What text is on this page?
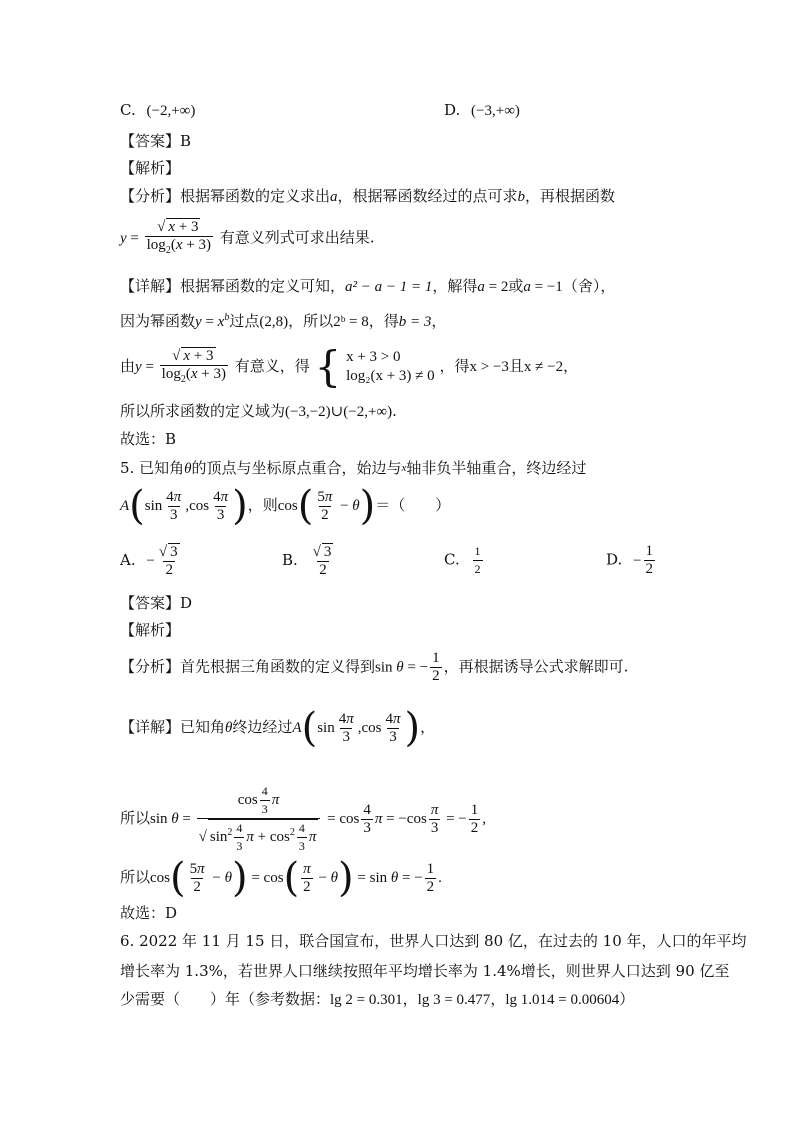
C. (−2,+∞)	D. (−3,+∞)
【答案】B
【解析】
【分析】根据幂函数的定义求出a，根据幂函数经过的点可求b，再根据函数
$y = \frac{√ x + 3}{\log_2(x + 3)}$ 有意义列式可求出结果.
【详解】根据幂函数的定义可知，a² − a − 1 = 1，解得a = 2或a = −1（舍），
因为幂函数$y = x^b$过点(2,8)，所以2ᵇ = 8，得b = 3，
由$y = \frac{√ x + 3}{\log_2(x + 3)}$ 有意义，得 { x + 3 > 0
log₂(x + 3) ≠ 0
，得x > −3且x ≠ −2，
所以所求函数的定义域为(−3,−2)∪(−2,+∞).
故选：B
5. 已知角θ的顶点与坐标原点重合，始边与$^x$轴非负半轴重合，终边经过
$A(\sin \frac{4\pi}{3} ,\cos \frac{4\pi}{3}$ )，则$\cos( \frac{5\pi}{2} - \theta)=$（　　）
A. − $\frac{√ 3}{2}$	B. $\frac{√ 3}{2}$	C. $\frac{1}{2}$	D. − $\frac{1}{2}$
【答案】D
【解析】
【分析】首先根据三角函数的定义得到sin θ = − $\frac{1}{2}$ ，再根据诱导公式求解即可.
【详解】已知角θ终边经过$A(\sin \frac{4\pi}{3} ,\cos \frac{4\pi}{3}$ )，
所以$\sin \theta = \frac{\cos \frac{4}{3} \pi}{√ \sin^2 \frac{4}{3} \pi + \cos^2 \frac{4}{3} \pi} = \cos \frac{4}{3}$ $\pi = -\cos \frac{\pi}{3}$ = − $\frac{1}{2}$ ,
所以$\cos( \frac{5\pi}{2} - \theta) = \cos( \frac{\pi}{2} - \theta) = \sin \theta$ = − $\frac{1}{2}$ .
故选：D
6. 2022 年 11 月 15 日，联合国宣布，世界人口达到 80 亿，在过去的 10 年，人口的年平均
增长率为 1.3%，若世界人口继续按照年平均增长率为 1.4%增长，则世界人口达到 90 亿至
少需要（　　）年（参考数据：lg 2 = 0.301，lg 3 = 0.477，lg 1.014 = 0.00604）
